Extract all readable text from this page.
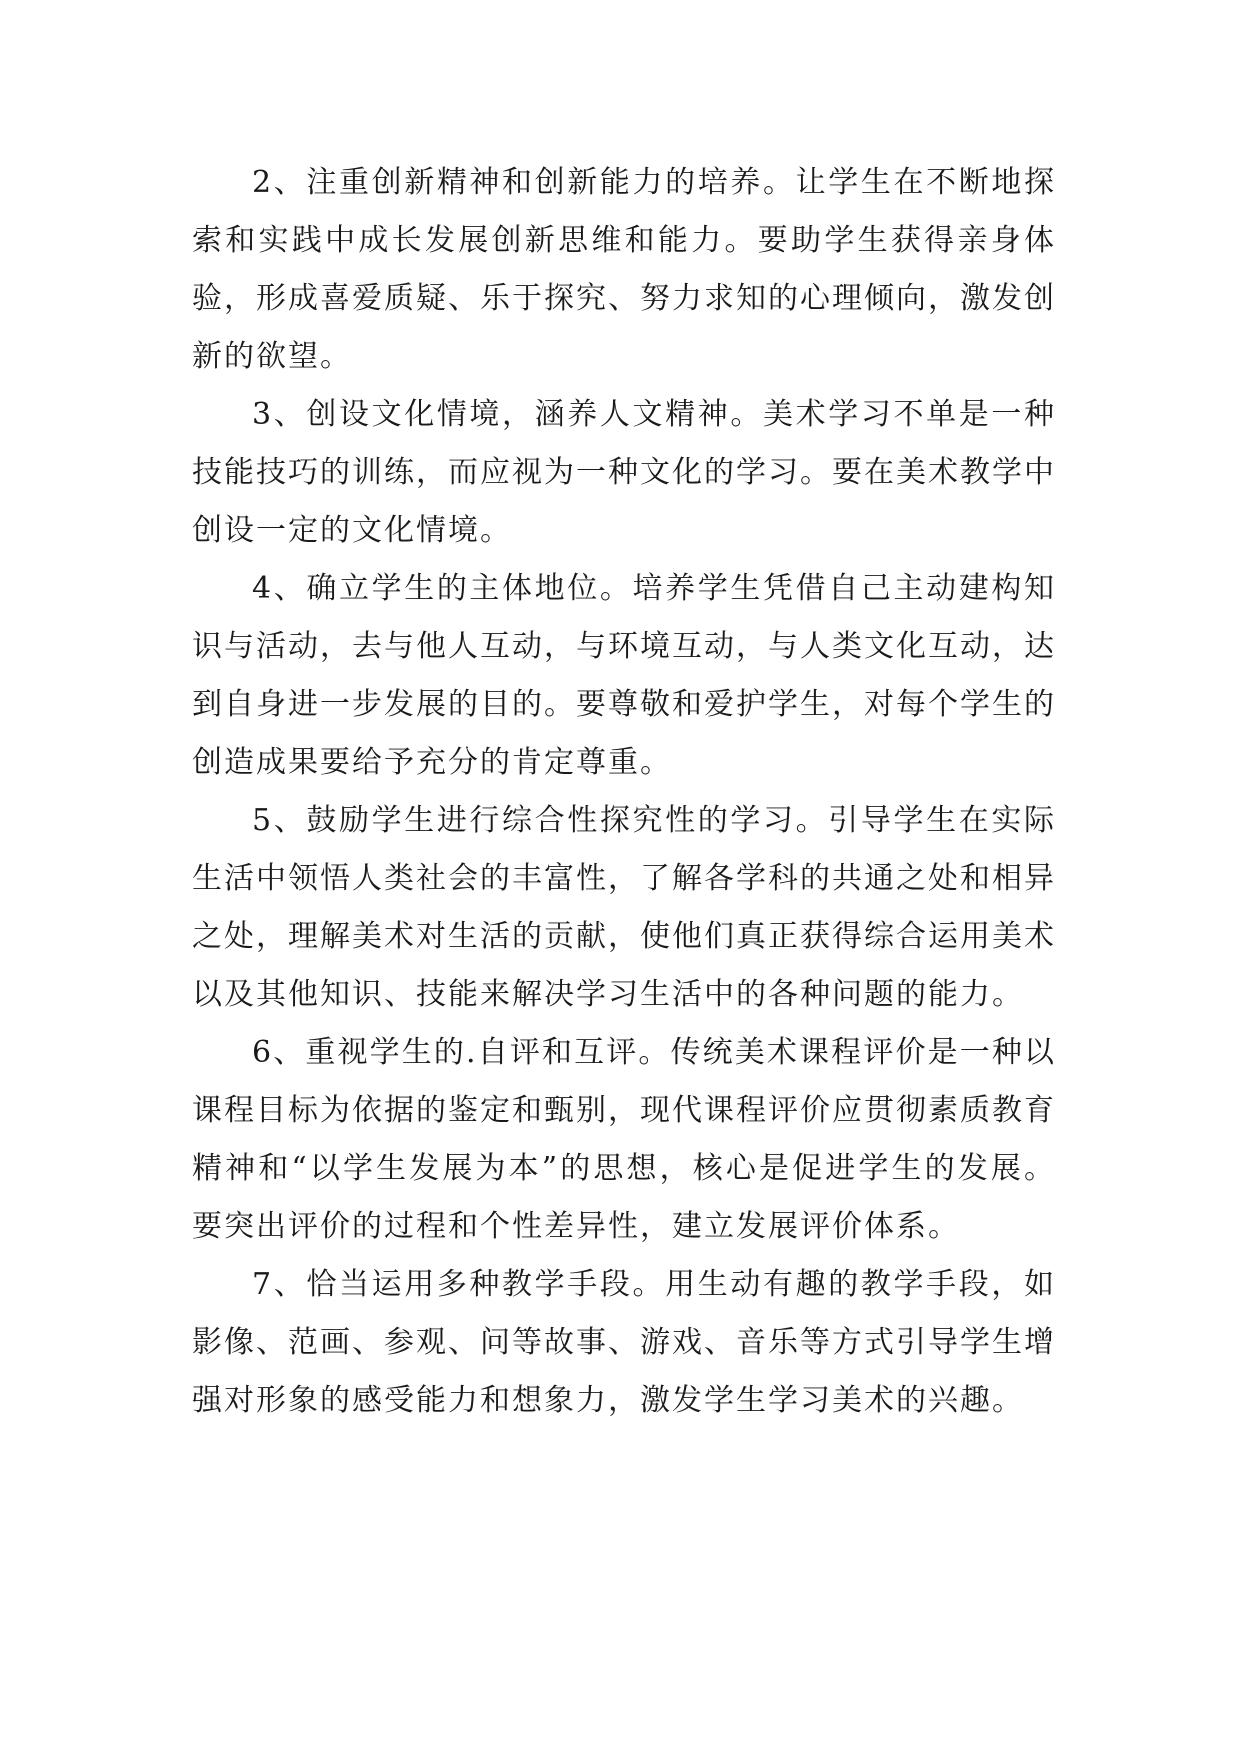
2、注重创新精神和创新能力的培养。让学生在不断地探索和实践中成长发展创新思维和能力。要助学生获得亲身体验，形成喜爱质疑、乐于探究、努力求知的心理倾向，激发创新的欲望。

3、创设文化情境，涵养人文精神。美术学习不单是一种技能技巧的训练，而应视为一种文化的学习。要在美术教学中创设一定的文化情境。

4、确立学生的主体地位。培养学生凭借自己主动建构知识与活动，去与他人互动，与环境互动，与人类文化互动，达到自身进一步发展的目的。要尊敬和爱护学生，对每个学生的创造成果要给予充分的肯定尊重。

5、鼓励学生进行综合性探究性的学习。引导学生在实际生活中领悟人类社会的丰富性，了解各学科的共通之处和相异之处，理解美术对生活的贡献，使他们真正获得综合运用美术以及其他知识、技能来解决学习生活中的各种问题的能力。

6、重视学生的.自评和互评。传统美术课程评价是一种以课程目标为依据的鉴定和甄别，现代课程评价应贯彻素质教育精神和“以学生发展为本”的思想，核心是促进学生的发展。要突出评价的过程和个性差异性，建立发展评价体系。

7、恰当运用多种教学手段。用生动有趣的教学手段，如影像、范画、参观、问等故事、游戏、音乐等方式引导学生增强对形象的感受能力和想象力，激发学生学习美术的兴趣。
